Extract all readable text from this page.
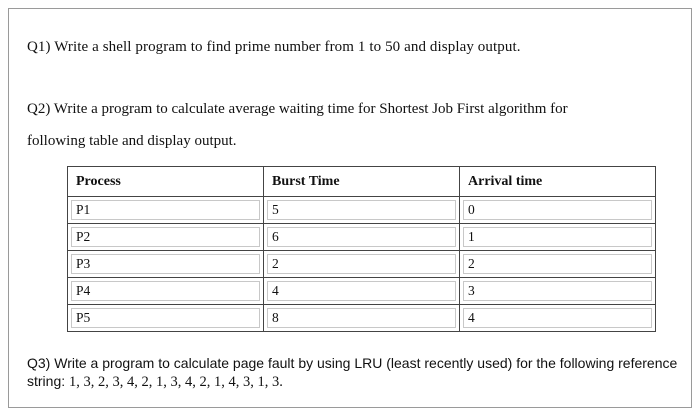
Q1) Write a shell program to find prime number from 1 to 50 and display output.
Q2) Write a program to calculate average waiting time for Shortest Job First algorithm for
following table and display output.
Process	Burst Time	Arrival time
P1	5	0
P2	6	1
P3	2	2
P4	4	3
P5	8	4
Q3) Write a program to calculate page fault by using LRU (least recently used) for the following reference string: 1, 3, 2, 3, 4, 2, 1, 3, 4, 2, 1, 4, 3, 1, 3.
